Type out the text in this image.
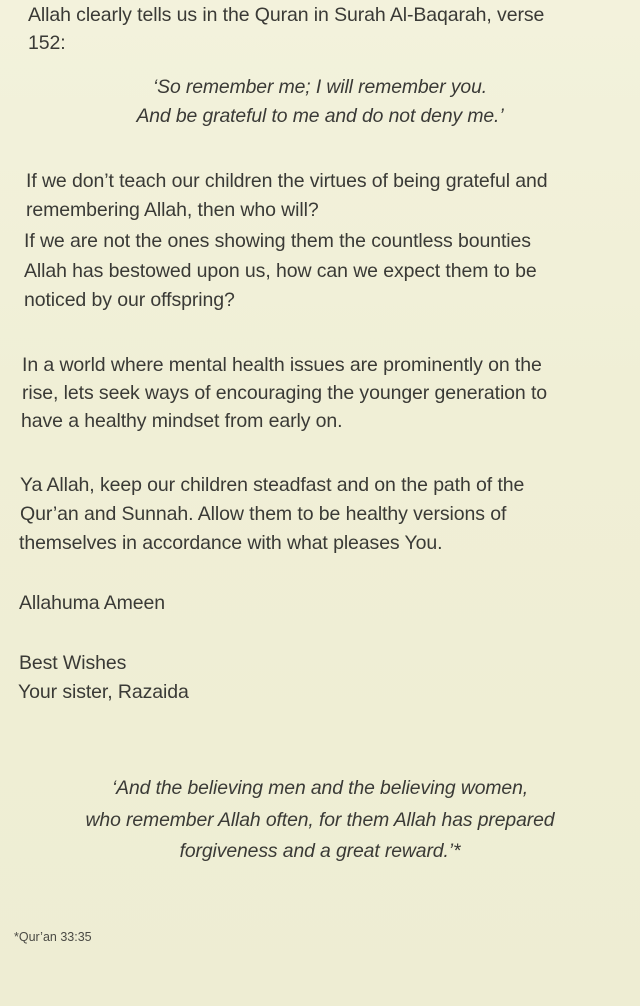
Allah clearly tells us in the Quran in Surah Al-Baqarah, verse
152:
‘So remember me; I will remember you.
And be grateful to me and do not deny me.’
If we don’t teach our children the virtues of being grateful and
remembering Allah, then who will?
If we are not the ones showing them the countless bounties
Allah has bestowed upon us, how can we expect them to be
noticed by our offspring?
In a world where mental health issues are prominently on the
rise, lets seek ways of encouraging the younger generation to
have a healthy mindset from early on.
Ya Allah, keep our children steadfast and on the path of the
Qur’an and Sunnah. Allow them to be healthy versions of
themselves in accordance with what pleases You.
Allahuma Ameen
Best Wishes
Your sister, Razaida
‘And the believing men and the believing women,
who remember Allah often, for them Allah has prepared
forgiveness and a great reward.’*
*Qur’an 33:35
